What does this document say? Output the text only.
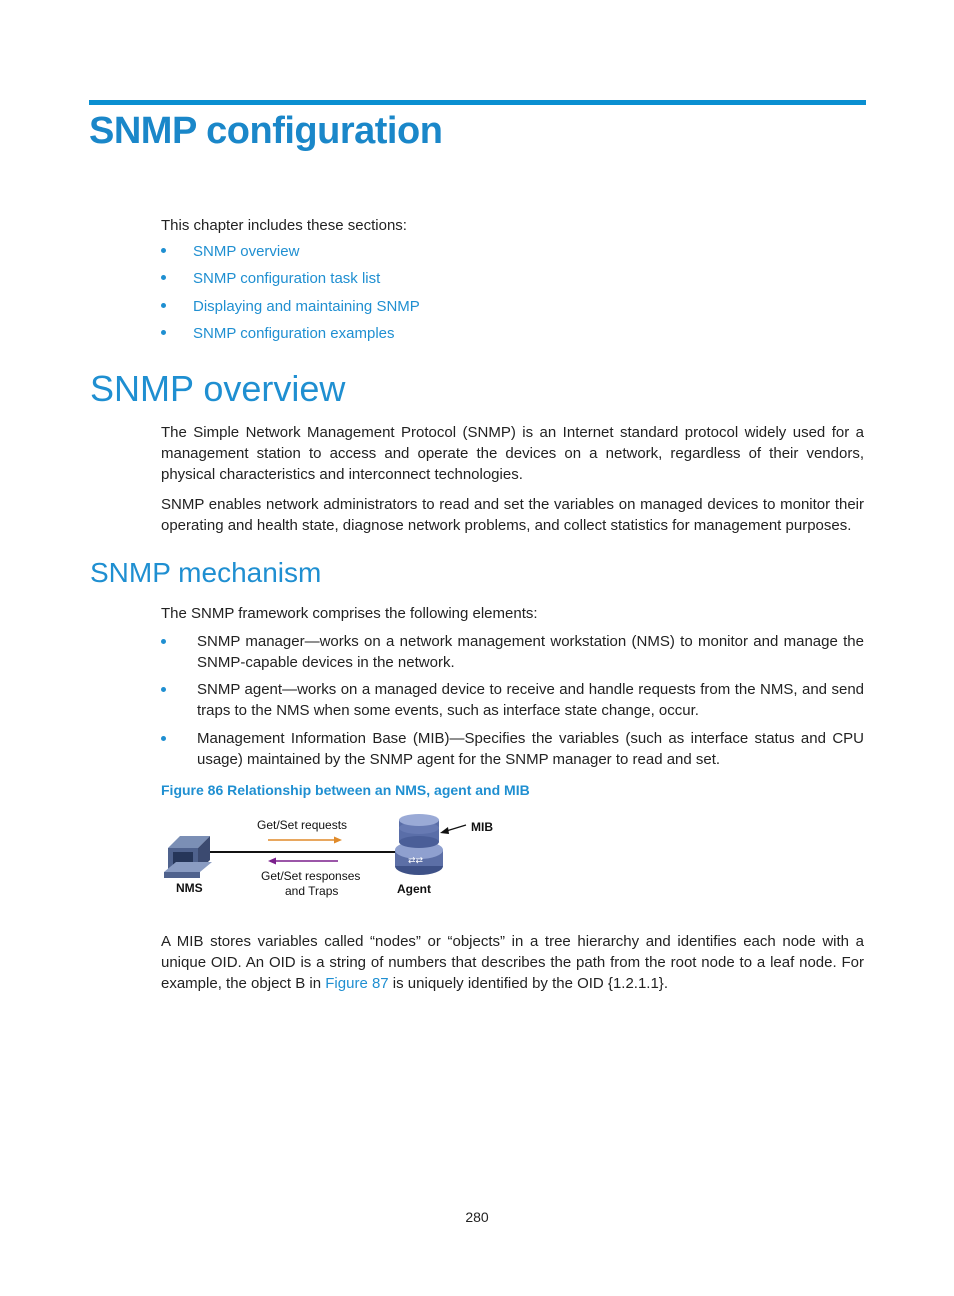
SNMP configuration
This chapter includes these sections:
SNMP overview
SNMP configuration task list
Displaying and maintaining SNMP
SNMP configuration examples
SNMP overview
The Simple Network Management Protocol (SNMP) is an Internet standard protocol widely used for a management station to access and operate the devices on a network, regardless of their vendors, physical characteristics and interconnect technologies.
SNMP enables network administrators to read and set the variables on managed devices to monitor their operating and health state, diagnose network problems, and collect statistics for management purposes.
SNMP mechanism
The SNMP framework comprises the following elements:
SNMP manager—works on a network management workstation (NMS) to monitor and manage the SNMP-capable devices in the network.
SNMP agent—works on a managed device to receive and handle requests from the NMS, and send traps to the NMS when some events, such as interface state change, occur.
Management Information Base (MIB)—Specifies the variables (such as interface status and CPU usage) maintained by the SNMP agent for the SNMP manager to read and set.
Figure 86 Relationship between an NMS, agent and MIB
NMS
Get/Set requests
Get/Set responses
and Traps
⇄⇄
Agent
MIB
A MIB stores variables called “nodes” or “objects” in a tree hierarchy and identifies each node with a unique OID. An OID is a string of numbers that describes the path from the root node to a leaf node. For example, the object B in Figure 87 is uniquely identified by the OID {1.2.1.1}.
280
